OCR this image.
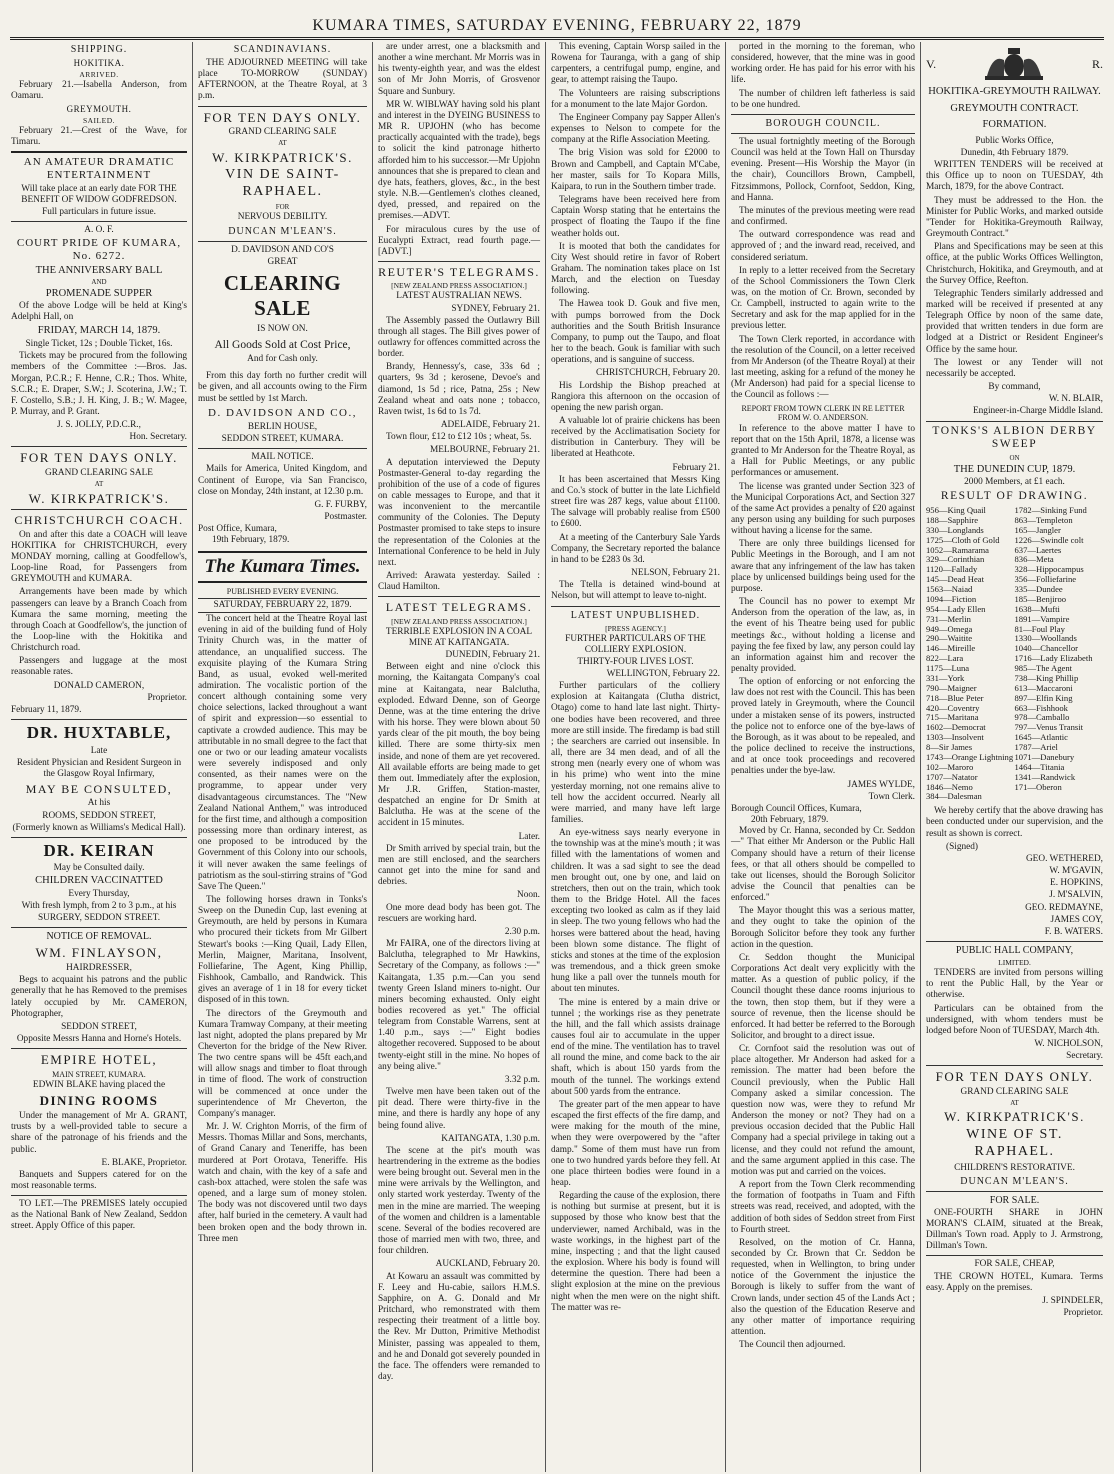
KUMARA TIMES, SATURDAY EVENING, FEBRUARY 22, 1879
SHIPPING.
HOKITIKA.
ARRIVED.

February 21.—Isabella Anderson, from Oamaru.

GREYMOUTH.
SAILED.

February 21.—Crest of the Wave, for Timaru.

AN AMATEUR DRAMATIC ENTERTAINMENT
Will take place at an early date FOR THE BENEFIT OF WIDOW GODFREDSON.
Full particulars in future issue.
A. O. F.
COURT PRIDE OF KUMARA, No. 6272.
THE ANNIVERSARY BALL
AND
PROMENADE SUPPER

Of the above Lodge will be held at King's Adelphi Hall, on

FRIDAY, MARCH 14, 1879.
Single Ticket, 12s ; Double Ticket, 16s.

Tickets may be procured from the following members of the Committee :—Bros. Jas. Morgan, P.C.R.; F. Henne, C.R.; Thos. White, S.C.R.; E. Draper, S.W.; J. Scoterina, J.W.; T. F. Costello, S.B.; J. H. King, J. B.; W. Magee, P. Murray, and P. Grant.

J. S. JOLLY, P.D.C.R.,
Hon. Secretary.
FOR TEN DAYS ONLY.
GRAND CLEARING SALE
AT
W. KIRKPATRICK'S.
CHRISTCHURCH COACH.

On and after this date a COACH will leave HOKITIKA for CHRISTCHURCH, every MONDAY morning, calling at Goodfellow's, Loop-line Road, for Passengers from GREYMOUTH and KUMARA.

Arrangements have been made by which passengers can leave by a Branch Coach from Kumara the same morning, meeting the through Coach at Goodfellow's, the junction of the Loop-line with the Hokitika and Christchurch road.

Passengers and luggage at the most reasonable rates.

DONALD CAMERON,
Proprietor.
February 11, 1879.
DR. HUXTABLE,
Late
Resident Physician and Resident Surgeon in the Glasgow Royal Infirmary,
MAY BE CONSULTED,
At his
ROOMS, SEDDON STREET,
(Formerly known as Williams's Medical Hall).
DR. KEIRAN
May be Consulted daily.
CHILDREN VACCINATTED
Every Thursday,
With fresh lymph, from 2 to 3 p.m., at his
SURGERY, SEDDON STREET.
NOTICE OF REMOVAL.
WM. FINLAYSON,
HAIRDRESSER,

Begs to acquaint his patrons and the public generally that he has Removed to the premises lately occupied by Mr. CAMERON, Photographer,

SEDDON STREET,
Opposite Messrs Hanna and Horne's Hotels.
EMPIRE HOTEL,
MAIN STREET, KUMARA.
EDWIN BLAKE having placed the
DINING ROOMS

Under the management of Mr A. GRANT, trusts by a well-provided table to secure a share of the patronage of his friends and the public.

E. BLAKE, Proprietor.

Banquets and Suppers catered for on the most reasonable terms.

TO LET.—The PREMISES lately occupied as the National Bank of New Zealand, Seddon street. Apply Office of this paper.

SCANDINAVIANS.

THE ADJOURNED MEETING will take place TO-MORROW (SUNDAY) AFTERNOON, at the Theatre Royal, at 3 p.m.

FOR TEN DAYS ONLY.
GRAND CLEARING SALE
AT
W. KIRKPATRICK'S.
VIN DE SAINT-RAPHAEL.
FOR
NERVOUS DEBILITY.
DUNCAN M'LEAN'S.
D. DAVIDSON AND CO'S
GREAT
CLEARING SALE
IS NOW ON.
All Goods Sold at Cost Price,
And for Cash only.

From this day forth no further credit will be given, and all accounts owing to the Firm must be settled by 1st March.

D. DAVIDSON AND CO.,
BERLIN HOUSE,
SEDDON STREET, KUMARA.
MAIL NOTICE.

Mails for America, United Kingdom, and Continent of Europe, via San Francisco, close on Monday, 24th instant, at 12.30 p.m.

G. F. FURBY,
Postmaster.
Post Office, Kumara,
19th February, 1879.
The Kumara Times.
PUBLISHED EVERY EVENING.
SATURDAY, FEBRUARY 22, 1879.

The concert held at the Theatre Royal last evening in aid of the building fund of Holy Trinity Church was, in the matter of attendance, an unqualified success. The exquisite playing of the Kumara String Band, as usual, evoked well-merited admiration. The vocalistic portion of the concert although containing some very choice selections, lacked throughout a want of spirit and expression—so essential to captivate a crowded audience. This may be attributable in no small degree to the fact that one or two or our leading amateur vocalists were severely indisposed and only consented, as their names were on the programme, to appear under very disadvantageous circumstances. The "New Zealand National Anthem," was introduced for the first time, and although a composition possessing more than ordinary interest, as one proposed to be introduced by the Government of this Colony into our schools, it will never awaken the same feelings of patriotism as the soul-stirring strains of "God Save The Queen."

The following horses drawn in Tonks's Sweep on the Dunedin Cup, last evening at Greymouth, are held by persons in Kumara who procured their tickets from Mr Gilbert Stewart's books :—King Quail, Lady Ellen, Merlin, Maigner, Maritana, Insolvent, Folliefarine, The Agent, King Phillip, Fishhook, Camballo, and Randwick. This gives an average of 1 in 18 for every ticket disposed of in this town.

The directors of the Greymouth and Kumara Tramway Company, at their meeting last night, adopted the plans prepared by Mr Cheverton for the bridge of the New River. The two centre spans will be 45ft each,and will allow snags and timber to float through in time of flood. The work of construction will be commenced at once under the superintendence of Mr Cheverton, the Company's manager.

Mr. J. W. Crighton Morris, of the firm of Messrs. Thomas Millar and Sons, merchants, of Grand Canary and Teneriffe, has been murdered at Port Orotava, Teneriffe. His watch and chain, with the key of a safe and cash-box attached, were stolen the safe was opened, and a large sum of money stolen. The body was not discovered until two days after, half buried in the cemetery. A vault had been broken open and the body thrown in. Three men

are under arrest, one a blacksmith and another a wine merchant. Mr Morris was in his twenty-eighth year, and was the eldest son of Mr John Morris, of Grosvenor Square and Sunbury.

MR W. WIBLWAY having sold his plant and interest in the DYEING BUSINESS to MR R. UPJOHN (who has become practically acquainted with the trade), begs to solicit the kind patronage hitherto afforded him to his successor.—Mr Upjohn announces that she is prepared to clean and dye hats, feathers, gloves, &c., in the best style. N.B.—Gentlemen's clothes cleaned, dyed, pressed, and repaired on the premises.—ADVT.

For miraculous cures by the use of Eucalypti Extract, read fourth page.—[ADVT.]

REUTER'S TELEGRAMS.
[NEW ZEALAND PRESS ASSOCIATION.]
LATEST AUSTRALIAN NEWS.
SYDNEY, February 21.

The Assembly passed the Outlawry Bill through all stages. The Bill gives power of outlawry for offences committed across the border.

Brandy, Hennessy's, case, 33s 6d ; quarters, 9s 3d ; kerosene, Devoe's and diamond, 1s 5d ; rice, Patna, 25s ; New Zealand wheat and oats none ; tobacco, Raven twist, 1s 6d to 1s 7d.

ADELAIDE, February 21.

Town flour, £12 to £12 10s ; wheat, 5s.

MELBOURNE, February 21.

A deputation interviewed the Deputy Postmaster-General to-day regarding the prohibition of the use of a code of figures on cable messages to Europe, and that it was inconvenient to the mercantile community of the Colonies. The Deputy Postmaster promised to take steps to insure the representation of the Colonies at the International Conference to be held in July next.

Arrived: Arawata yesterday. Sailed : Claud Hamilton.

LATEST TELEGRAMS.
[NEW ZEALAND PRESS ASSOCIATION.]
TERRIBLE EXPLOSION IN A COAL MINE AT KAITANGATA.
DUNEDIN, February 21.

Between eight and nine o'clock this morning, the Kaitangata Company's coal mine at Kaitangata, near Balclutha, exploded. Edward Denne, son of George Denne, was at the time entering the drive with his horse. They were blown about 50 yards clear of the pit mouth, the boy being killed. There are some thirty-six men inside, and none of them are yet recovered. All available efforts are being made to get them out. Immediately after the explosion, Mr J.R. Griffen, Station-master, despatched an engine for Dr Smith at Balclutha. He was at the scene of the accident in 15 minutes.

Later.

Dr Smith arrived by special train, but the men are still enclosed, and the searchers cannot get into the mine for sand and debries.

Noon.

One more dead body has been got. The rescuers are working hard.

2.30 p.m.

Mr FAIRA, one of the directors living at Balclutha, telegraphed to Mr Hawkins, Secretary of the Company, as follows :—" Kaitangata, 1.35 p.m.—Can you send twenty Green Island miners to-night. Our miners becoming exhausted. Only eight bodies recovered as yet." The official telegram from Constable Warrens, sent at 1.40 p.m., says :—" Eight bodies altogether recovered. Supposed to be about twenty-eight still in the mine. No hopes of any being alive."

3.32 p.m.

Twelve men have been taken out of the pit dead. There were thirty-five in the mine, and there is hardly any hope of any being found alive.

KAITANGATA, 1.30 p.m.

The scene at the pit's mouth was heartrendering in the extreme as the bodies were being brought out. Several men in the mine were arrivals by the Wellington, and only started work yesterday. Twenty of the men in the mine are married. The weeping of the women and children is a lamentable scene. Several of the bodies recovered are those of married men with two, three, and four children.

AUCKLAND, February 20.

At Kowaru an assault was committed by F. Leey and Hu-cabie, sailors H.M.S. Sapphire, on A. G. Donald and Mr Pritchard, who remonstrated with them respecting their treatment of a little boy. the Rev. Mr Dutton, Primitive Methodist Minister, passing was appealed to them, and he and Donald got severely pounded in the face. The offenders were remanded to day.

This evening, Captain Worsp sailed in the Rowena for Tauranga, with a gang of ship carpenters, a centrifugal pump, engine, and gear, to attempt raising the Taupo.

The Volunteers are raising subscriptions for a monument to the late Major Gordon.

The Engineer Company pay Sapper Allen's expenses to Nelson to compete for the company at the Rifle Association Meeting.

The brig Vision was sold for £2000 to Brown and Campbell, and Captain M'Cabe, her master, sails for To Kopara Mills, Kaipara, to run in the Southern timber trade.

Telegrams have been received here from Captain Worsp stating that he entertains the prospect of floating the Taupo if the fine weather holds out.

It is mooted that both the candidates for City West should retire in favor of Robert Graham. The nomination takes place on 1st March, and the election on Tuesday following.

The Hawea took D. Gouk and five men, with pumps borrowed from the Dock authorities and the South British Insurance Company, to pump out the Taupo, and float her to the beach. Gouk is familiar with such operations, and is sanguine of success.

CHRISTCHURCH, February 20.

His Lordship the Bishop preached at Rangiora this afternoon on the occasion of opening the new parish organ.

A valuable lot of prairie chickens has been received by the Acclimatisation Society for distribution in Canterbury. They will be liberated at Heathcote.

February 21.

It has been ascertained that Messrs King and Co.'s stock of butter in the late Lichfield street fire was 287 kegs, value about £1100. The salvage will probably realise from £500 to £600.

At a meeting of the Canterbury Sale Yards Company, the Secretary reported the balance in hand to be £283 0s 3d.

NELSON, February 21.

The Ttella is detained wind-bound at Nelson, but will attempt to leave to-night.

LATEST UNPUBLISHED.
[PRESS AGENCY.]
FURTHER PARTICULARS OF THE COLLIERY EXPLOSION.
THIRTY-FOUR LIVES LOST.
WELLINGTON, February 22.

Further particulars of the colliery explosion at Kaitangata (Clutha district, Otago) come to hand late last night. Thirty-one bodies have been recovered, and three more are still inside. The firedamp is bad still ; the searchers are carried out insensible. In all, there are 34 men dead, and of all the strong men (nearly every one of whom was in his prime) who went into the mine yesterday morning, not one remains alive to tell how the accident occurred. Nearly all were married, and many have left large families.

An eye-witness says nearly everyone in the township was at the mine's mouth ; it was filled with the lamentations of women and children. It was a sad sight to see the dead men brought out, one by one, and laid on stretchers, then out on the train, which took them to the Bridge Hotel. All the faces excepting two looked as calm as if they laid in sleep. The two young fellows who had the horses were battered about the head, having been blown some distance. The flight of sticks and stones at the time of the explosion was tremendous, and a thick green smoke hung like a pall over the tunnels mouth for about ten minutes.

The mine is entered by a main drive or tunnel ; the workings rise as they penetrate the hill, and the fall which assists drainage causes foul air to accumulate in the upper end of the mine. The ventilation has to travel all round the mine, and come back to the air shaft, which is about 150 yards from the mouth of the tunnel. The workings extend about 500 yards from the entrance.

The greater part of the men appear to have escaped the first effects of the fire damp, and were making for the mouth of the mine, when they were overpowered by the "after damp." Some of them must have run from one to two hundred yards before they fell. At one place thirteen bodies were found in a heap.

Regarding the cause of the explosion, there is nothing but surmise at present, but it is supposed by those who know best that the underviewer, named Archibald, was in the waste workings, in the highest part of the mine, inspecting ; and that the light caused the explosion. Where his body is found will determine the question. There had been a slight explosion at the mine on the previous night when the men were on the night shift. The matter was re-

ported in the morning to the foreman, who considered, however, that the mine was in good working order. He has paid for his error with his life.

The number of children left fatherless is said to be one hundred.

BOROUGH COUNCIL.

The usual fortnightly meeting of the Borough Council was held at the Town Hall on Thursday evening. Present—His Worship the Mayor (in the chair), Councillors Brown, Campbell, Fitzsimmons, Pollock, Cornfoot, Seddon, King, and Hanna.

The minutes of the previous meeting were read and confirmed.

The outward correspondence was read and approved of ; and the inward read, received, and considered seriatum.

In reply to a letter received from the Secretary of the School Commissioners the Town Clerk was, on the motion of Cr. Brown, seconded by Cr. Campbell, instructed to again write to the Secretary and ask for the map applied for in the previous letter.

The Town Clerk reported, in accordance with the resolution of the Council, on a letter received from Mr Anderson (of the Theatre Royal) at their last meeting, asking for a refund of the money he (Mr Anderson) had paid for a special license to the Council as follows :—

REPORT FROM TOWN CLERK IN RE LETTER FROM W. O. ANDERSON.

In reference to the above matter I have to report that on the 15th April, 1878, a license was granted to Mr Anderson for the Theatre Royal, as a Hall for Public Meetings, or any public performances or amusement.

The license was granted under Section 323 of the Municipal Corporations Act, and Section 327 of the same Act provides a penalty of £20 against any person using any building for such purposes without having a license for the same.

There are only three buildings licensed for Public Meetings in the Borough, and I am not aware that any infringement of the law has taken place by unlicensed buildings being used for the purpose.

The Council has no power to exempt Mr Anderson from the operation of the law, as, in the event of his Theatre being used for public meetings &c., without holding a license and paying the fee fixed by law, any person could lay an information against him and recover the penalty provided.

The option of enforcing or not enforcing the law does not rest with the Council. This has been proved lately in Greymouth, where the Council under a mistaken sense of its powers, instructed the police not to enforce one of the bye-laws of the Borough, as it was about to be repealed, and the police declined to receive the instructions, and at once took proceedings and recovered penalties under the bye-law.

JAMES WYLDE,
Town Clerk.
Borough Council Offices, Kumara,
20th February, 1879.

Moved by Cr. Hanna, seconded by Cr. Seddon—" That either Mr Anderson or the Public Hall Company should have a return of their license fees, or that all others should be compelled to take out licenses, should the Borough Solicitor advise the Council that penalties can be enforced."

The Mayor thought this was a serious matter, and they ought to take the opinion of the Borough Solicitor before they took any further action in the question.

Cr. Seddon thought the Municipal Corporations Act dealt very explicitly with the matter. As a question of public policy, if the Council thought these dance rooms injurious to the town, then stop them, but if they were a source of revenue, then the license should be enforced. It had better be referred to the Borough Solicitor, and brought to a direct issue.

Cr. Cornfoot said the resolution was out of place altogether. Mr Anderson had asked for a remission. The matter had been before the Council previously, when the Public Hall Company asked a similar concession. The question now was, were they to refund Mr Anderson the money or not? They had on a previous occasion decided that the Public Hall Company had a special privilege in taking out a license, and they could not refund the amount, and the same argument applied in this case. The motion was put and carried on the voices.

A report from the Town Clerk recommending the formation of footpaths in Tuam and Fifth streets was read, received, and adopted, with the addition of both sides of Seddon street from First to Fourth street.

Resolved, on the motion of Cr. Hanna, seconded by Cr. Brown that Cr. Seddon be requested, when in Wellington, to bring under notice of the Government the injustice the Borough is likely to suffer from the want of Crown lands, under section 45 of the Lands Act ; also the question of the Education Reserve and any other matter of importance requiring attention.

The Council then adjourned.

V.	R.
HOKITIKA-GREYMOUTH RAILWAY.
GREYMOUTH CONTRACT.
FORMATION.
Public Works Office,
Dunedin, 4th February 1879.

WRITTEN TENDERS will be received at this Office up to noon on TUESDAY, 4th March, 1879, for the above Contract.

They must be addressed to the Hon. the Minister for Public Works, and marked outside "Tender for Hokitika-Greymouth Railway, Greymouth Contract."

Plans and Specifications may be seen at this office, at the public Works Offices Wellington, Christchurch, Hokitika, and Greymouth, and at the Survey Office, Reefton.

Telegraphic Tenders similarly addressed and marked will be received if presented at any Telegraph Office by noon of the same date, provided that written tenders in due form are lodged at a District or Resident Engineer's Office by the same hour.

The lowest or any Tender will not necessarily be accepted.

By command,
W. N. BLAIR,
Engineer-in-Charge Middle Island.
TONKS'S ALBION DERBY SWEEP
ON
THE DUNEDIN CUP, 1879.
2000 Members, at £1 each.
RESULT OF DRAWING.
956—King Quail
188—Sapphire
330—Longlands
1725—Cloth of Gold
1052—Ramarama
329—Corinthian
1120—Fallady
145—Dead Heat
1563—Naiad
1094—Fiction
954—Lady Ellen
731—Merlin
949—Omega
290—Waitite
146—Mireille
822—Lara
1175—Luna
331—York
790—Maigner
718—Blue Peter
420—Coventry
715—Maritana
1602—Democrat
1303—Insolvent
8—Sir James
1743—Orange Lightning
102—Maroro
1707—Natator
1846—Nemo
384—Dalesman
1782—Sinking Fund
863—Templeton
165—Jangler
1226—Swindle colt
637—Laertes
836—Meta
328—Hippocampus
356—Folliefarine
335—Dundee
185—Benjiroo
1638—Mufti
1891—Vampire
81—Foul Play
1330—Woollands
1040—Chancellor
1716—Lady Elizabeth
985—The Agent
738—King Phillip
613—Maccaroni
897—Elfin King
663—Fishhook
978—Camballo
797—Venus Transit
1645—Atlantic
1787—Ariel
1071—Danebury
1464—Titania
1341—Randwick
171—Oberon

We hereby certify that the above drawing has been conducted under our supervision, and the result as shown is correct.

(Signed)
GEO. WETHERED,
W. M'GAVIN,
E. HOPKINS,
J. M'SALVIN,
GEO. REDMAYNE,
JAMES COY,
F. B. WATERS.
PUBLIC HALL COMPANY,
LIMITED.

TENDERS are invited from persons willing to rent the Public Hall, by the Year or otherwise.

Particulars can be obtained from the undersigned, with whom tenders must be lodged before Noon of TUESDAY, March 4th.

W. NICHOLSON,
Secretary.
FOR TEN DAYS ONLY.
GRAND CLEARING SALE
AT
W. KIRKPATRICK'S.
WINE OF ST. RAPHAEL.
CHILDREN'S RESTORATIVE.
DUNCAN M'LEAN'S.
FOR SALE.

ONE-FOURTH SHARE in JOHN MORAN'S CLAIM, situated at the Break, Dillman's Town road. Apply to J. Armstrong, Dillman's Town.

FOR SALE, CHEAP,

THE CROWN HOTEL, Kumara. Terms easy. Apply on the premises.

J. SPINDELER,
Proprietor.
